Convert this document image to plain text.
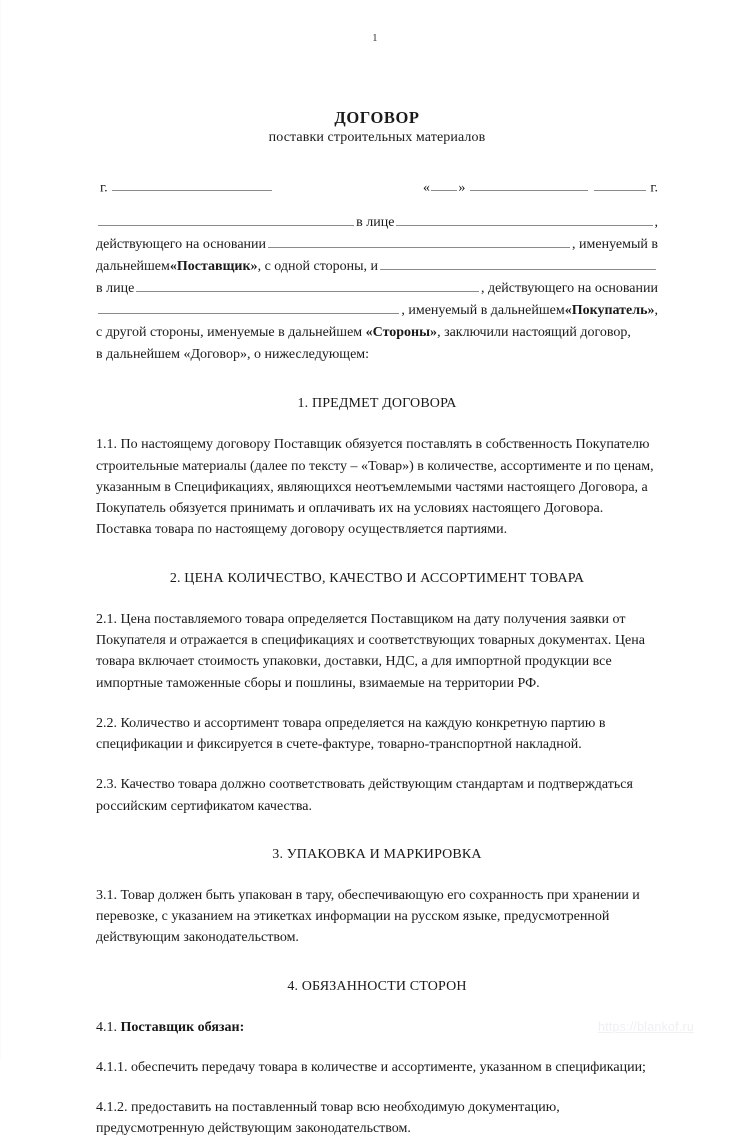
1
ДОГОВОР
поставки строительных материалов
г.	« »	г.
в лице	,
действующего на основании	, именуемый в
дальнейшем «Поставщик» , с одной стороны, и
в лице	, действующего на основании
, именуемый в дальнейшем «Покупатель» ,
с другой стороны, именуемые в дальнейшем «Стороны», заключили настоящий договор,
в дальнейшем «Договор», о нижеследующем:
1. ПРЕДМЕТ ДОГОВОРА

1.1. По настоящему договору Поставщик обязуется поставлять в собственность Покупателю строительные материалы (далее по тексту – «Товар») в количестве, ассортименте и по ценам, указанным в Спецификациях, являющихся неотъемлемыми частями настоящего Договора, а Покупатель обязуется принимать и оплачивать их на условиях настоящего Договора. Поставка товара по настоящему договору осуществляется партиями.

2. ЦЕНА КОЛИЧЕСТВО, КАЧЕСТВО И АССОРТИМЕНТ ТОВАРА

2.1. Цена поставляемого товара определяется Поставщиком на дату получения заявки от Покупателя и отражается в спецификациях и соответствующих товарных документах. Цена товара включает стоимость упаковки, доставки, НДС, а для импортной продукции все импортные таможенные сборы и пошлины, взимаемые на территории РФ.

2.2. Количество и ассортимент товара определяется на каждую конкретную партию в спецификации и фиксируется в счете-фактуре, товарно-транспортной накладной.

2.3. Качество товара должно соответствовать действующим стандартам и подтверждаться российским сертификатом качества.

3. УПАКОВКА И МАРКИРОВКА

3.1. Товар должен быть упакован в тару, обеспечивающую его сохранность при хранении и перевозке, с указанием на этикетках информации на русском языке, предусмотренной действующим законодательством.

4. ОБЯЗАННОСТИ СТОРОН

4.1. Поставщик обязан:

4.1.1. обеспечить передачу товара в количестве и ассортименте, указанном в спецификации;

4.1.2. предоставить на поставленный товар всю необходимую документацию, предусмотренную действующим законодательством.

https://blankof.ru
